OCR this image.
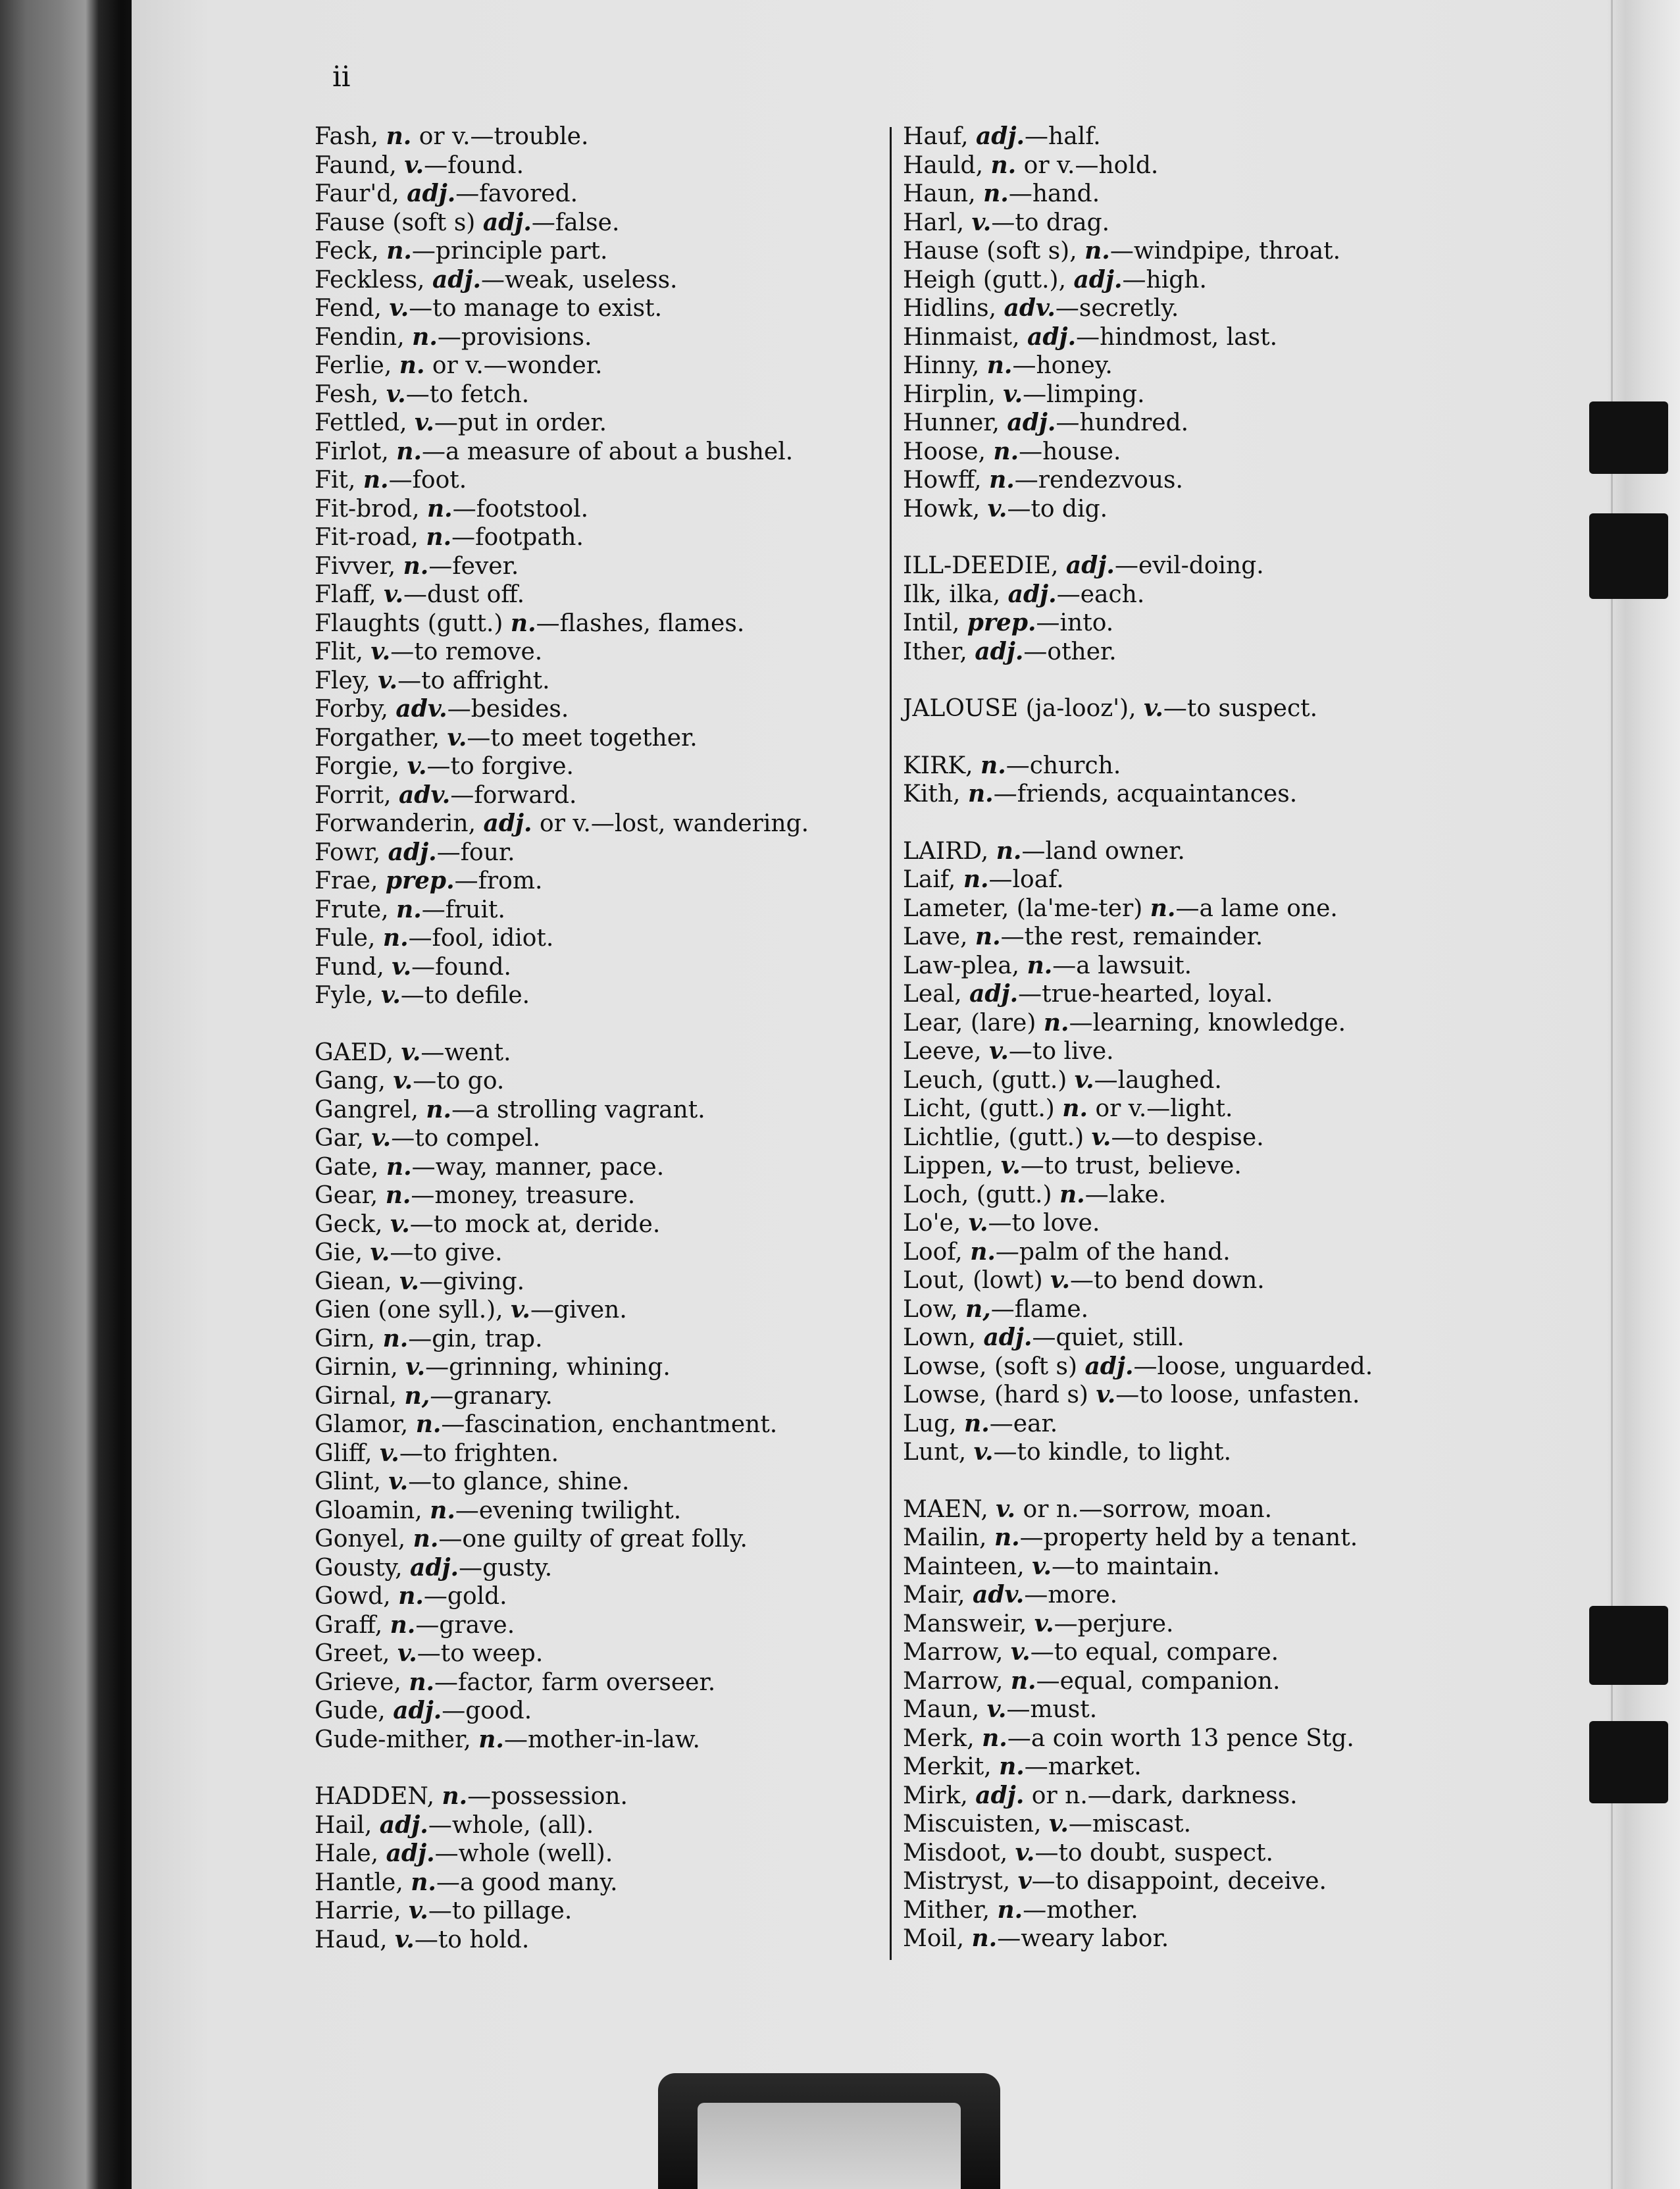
ii
Fash, n. or v.—trouble.
Faund, v.—found.
Faur'd, adj.—favored.
Fause (soft s) adj.—false.
Feck, n.—principle part.
Feckless, adj.—weak, useless.
Fend, v.—to manage to exist.
Fendin, n.—provisions.
Ferlie, n. or v.—wonder.
Fesh, v.—to fetch.
Fettled, v.—put in order.
Firlot, n.—a measure of about a bushel.
Fit, n.—foot.
Fit-brod, n.—footstool.
Fit-road, n.—footpath.
Fivver, n.—fever.
Flaff, v.—dust off.
Flaughts (gutt.) n.—flashes, flames.
Flit, v.—to remove.
Fley, v.—to affright.
Forby, adv.—besides.
Forgather, v.—to meet together.
Forgie, v.—to forgive.
Forrit, adv.—forward.
Forwanderin, adj. or v.—lost, wandering.
Fowr, adj.—four.
Frae, prep.—from.
Frute, n.—fruit.
Fule, n.—fool, idiot.
Fund, v.—found.
Fyle, v.—to defile.
GAED, v.—went.
Gang, v.—to go.
Gangrel, n.—a strolling vagrant.
Gar, v.—to compel.
Gate, n.—way, manner, pace.
Gear, n.—money, treasure.
Geck, v.—to mock at, deride.
Gie, v.—to give.
Giean, v.—giving.
Gien (one syll.), v.—given.
Girn, n.—gin, trap.
Girnin, v.—grinning, whining.
Girnal, n,—granary.
Glamor, n.—fascination, enchantment.
Gliff, v.—to frighten.
Glint, v.—to glance, shine.
Gloamin, n.—evening twilight.
Gonyel, n.—one guilty of great folly.
Gousty, adj.—gusty.
Gowd, n.—gold.
Graff, n.—grave.
Greet, v.—to weep.
Grieve, n.—factor, farm overseer.
Gude, adj.—good.
Gude-mither, n.—mother-in-law.
HADDEN, n.—possession.
Hail, adj.—whole, (all).
Hale, adj.—whole (well).
Hantle, n.—a good many.
Harrie, v.—to pillage.
Haud, v.—to hold.
Hauf, adj.—half.
Hauld, n. or v.—hold.
Haun, n.—hand.
Harl, v.—to drag.
Hause (soft s), n.—windpipe, throat.
Heigh (gutt.), adj.—high.
Hidlins, adv.—secretly.
Hinmaist, adj.—hindmost, last.
Hinny, n.—honey.
Hirplin, v.—limping.
Hunner, adj.—hundred.
Hoose, n.—house.
Howff, n.—rendezvous.
Howk, v.—to dig.
ILL-DEEDIE, adj.—evil-doing.
Ilk, ilka, adj.—each.
Intil, prep.—into.
Ither, adj.—other.
JALOUSE (ja-looz'), v.—to suspect.
KIRK, n.—church.
Kith, n.—friends, acquaintances.
LAIRD, n.—land owner.
Laif, n.—loaf.
Lameter, (la'me-ter) n.—a lame one.
Lave, n.—the rest, remainder.
Law-plea, n.—a lawsuit.
Leal, adj.—true-hearted, loyal.
Lear, (lare) n.—learning, knowledge.
Leeve, v.—to live.
Leuch, (gutt.) v.—laughed.
Licht, (gutt.) n. or v.—light.
Lichtlie, (gutt.) v.—to despise.
Lippen, v.—to trust, believe.
Loch, (gutt.) n.—lake.
Lo'e, v.—to love.
Loof, n.—palm of the hand.
Lout, (lowt) v.—to bend down.
Low, n,—flame.
Lown, adj.—quiet, still.
Lowse, (soft s) adj.—loose, unguarded.
Lowse, (hard s) v.—to loose, unfasten.
Lug, n.—ear.
Lunt, v.—to kindle, to light.
MAEN, v. or n.—sorrow, moan.
Mailin, n.—property held by a tenant.
Mainteen, v.—to maintain.
Mair, adv.—more.
Mansweir, v.—perjure.
Marrow, v.—to equal, compare.
Marrow, n.—equal, companion.
Maun, v.—must.
Merk, n.—a coin worth 13 pence Stg.
Merkit, n.—market.
Mirk, adj. or n.—dark, darkness.
Miscuisten, v.—miscast.
Misdoot, v.—to doubt, suspect.
Mistryst, v—to disappoint, deceive.
Mither, n.—mother.
Moil, n.—weary labor.
